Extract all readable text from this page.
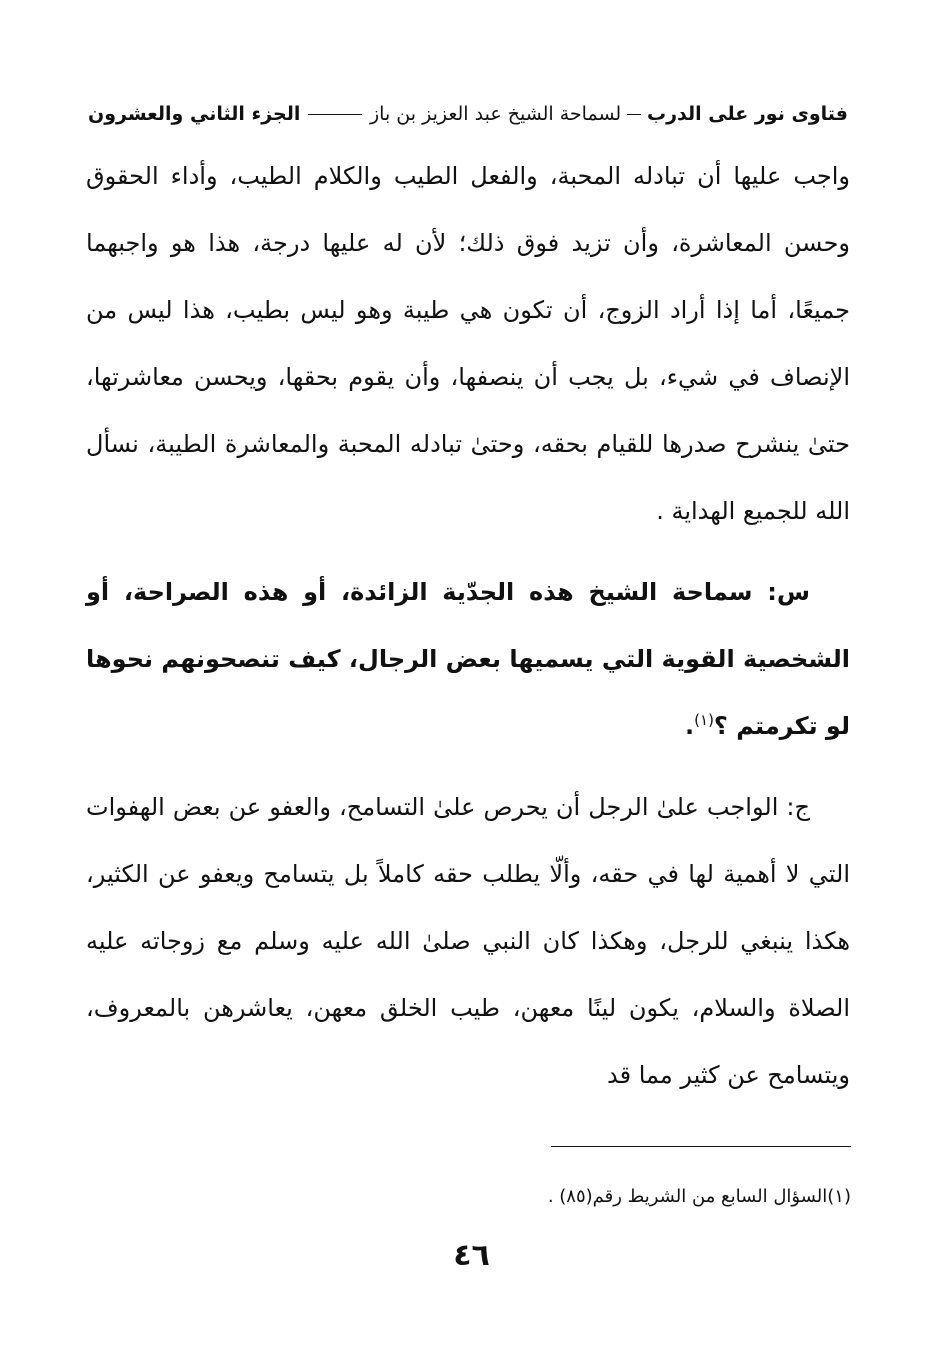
فتاوى نور على الدرب
لسماحة الشيخ عبد العزيز بن باز
الجزء الثاني والعشرون

واجب عليها أن تبادله المحبة، والفعل الطيب والكلام الطيب، وأداء الحقوق وحسن المعاشرة، وأن تزيد فوق ذلك؛ لأن له عليها درجة، هذا هو واجبهما جميعًا، أما إذا أراد الزوج، أن تكون هي طيبة وهو ليس بطيب، هذا ليس من الإنصاف في شيء، بل يجب أن ينصفها، وأن يقوم بحقها، ويحسن معاشرتها، حتىٰ ينشرح صدرها للقيام بحقه، وحتىٰ تبادله المحبة والمعاشرة الطيبة، نسأل الله للجميع الهداية .

س: سماحة الشيخ هذه الجدّية الزائدة، أو هذه الصراحة، أو الشخصية القوية التي يسميها بعض الرجال، كيف تنصحونهم نحوها لو تكرمتم ؟$^{(١)}$.

ج: الواجب علىٰ الرجل أن يحرص علىٰ التسامح، والعفو عن بعض الهفوات التي لا أهمية لها في حقه، وألّا يطلب حقه كاملاً بل يتسامح ويعفو عن الكثير، هكذا ينبغي للرجل، وهكذا كان النبي صلىٰ الله عليه وسلم مع زوجاته عليه الصلاة والسلام، يكون لينًا معهن، طيب الخلق معهن، يعاشرهن بالمعروف، ويتسامح عن كثير مما قد

(١)السؤال السابع من الشريط رقم(٨٥) .
٤٦
